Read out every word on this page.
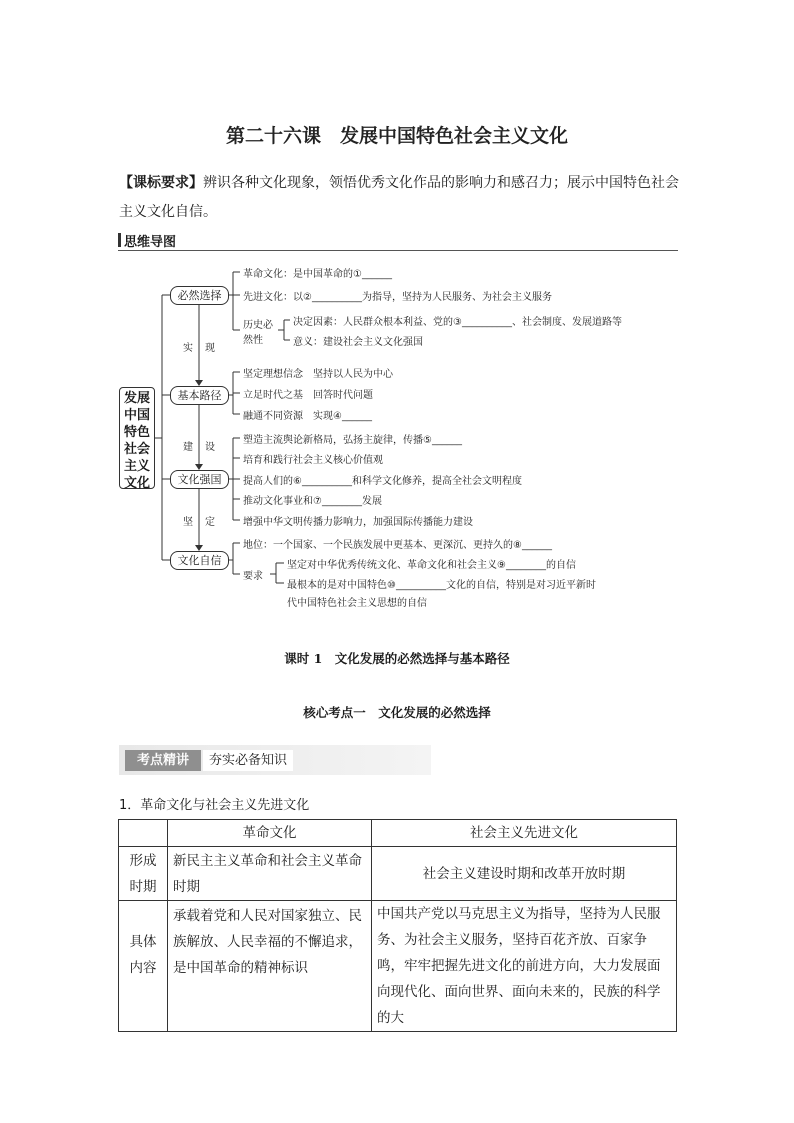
第二十六课　发展中国特色社会主义文化
【课标要求】辨识各种文化现象，领悟优秀文化作品的影响力和感召力；展示中国特色社会主义文化自信。
思维导图
发展
中国
特色
社会
主义
文化
必然选择
基本路径
文化强国
文化自信
实 现
建 设
坚 定
革命文化：是中国革命的①______
先进文化：以②__________为指导，坚持为人民服务、为社会主义服务
历史必
然性
决定因素：人民群众根本利益、党的③__________、社会制度、发展道路等
意义：建设社会主义文化强国
坚定理想信念　坚持以人民为中心
立足时代之基　回答时代问题
融通不同资源　实现④______
塑造主流舆论新格局，弘扬主旋律，传播⑤______
培育和践行社会主义核心价值观
提高人们的⑥__________和科学文化修养，提高全社会文明程度
推动文化事业和⑦________发展
增强中华文明传播力影响力，加强国际传播能力建设
地位：一个国家、一个民族发展中更基本、更深沉、更持久的⑧______
要求
坚定对中华优秀传统文化、革命文化和社会主义⑨________的自信
最根本的是对中国特色⑩__________文化的自信，特别是对习近平新时
代中国特色社会主义思想的自信
课时 1　文化发展的必然选择与基本路径
核心考点一　文化发展的必然选择
考点精讲	夯实必备知识
1．革命文化与社会主义先进文化
	革命文化	社会主义先进文化

形成
时期	新民主主义革命和社会主义革命时期	社会主义建设时期和改革开放时期

具体
内容	承载着党和人民对国家独立、民族解放、人民幸福的不懈追求，是中国革命的精神标识	中国共产党以马克思主义为指导，坚持为人民服务、为社会主义服务，坚持百花齐放、百家争鸣，牢牢把握先进文化的前进方向，大力发展面向现代化、面向世界、面向未来的，民族的科学的大
